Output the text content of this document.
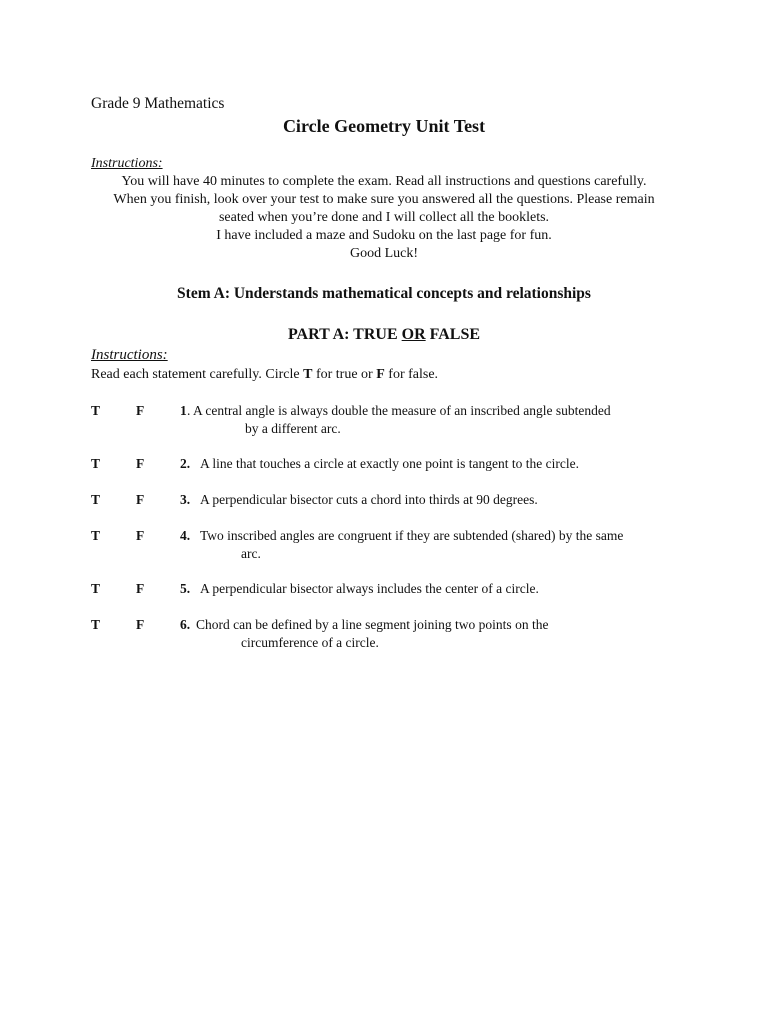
Grade 9 Mathematics
Circle Geometry Unit Test
Instructions:
You will have 40 minutes to complete the exam. Read all instructions and questions carefully.
When you finish, look over your test to make sure you answered all the questions. Please remain
seated when you’re done and I will collect all the booklets.
I have included a maze and Sudoku on the last page for fun.
Good Luck!
Stem A: Understands mathematical concepts and relationships
PART A: TRUE OR FALSE
Instructions:
Read each statement carefully. Circle T for true or F for false.
T	F	1 . A central angle is always double the measure of an inscribed angle subtended
by a different arc.
T	F	2. A line that touches a circle at exactly one point is tangent to the circle.
T	F	3. A perpendicular bisector cuts a chord into thirds at 90 degrees.
T	F	4. Two inscribed angles are congruent if they are subtended (shared) by the same
arc.
T	F	5. A perpendicular bisector always includes the center of a circle.
T	F	6. Chord can be defined by a line segment joining two points on the
circumference of a circle.
